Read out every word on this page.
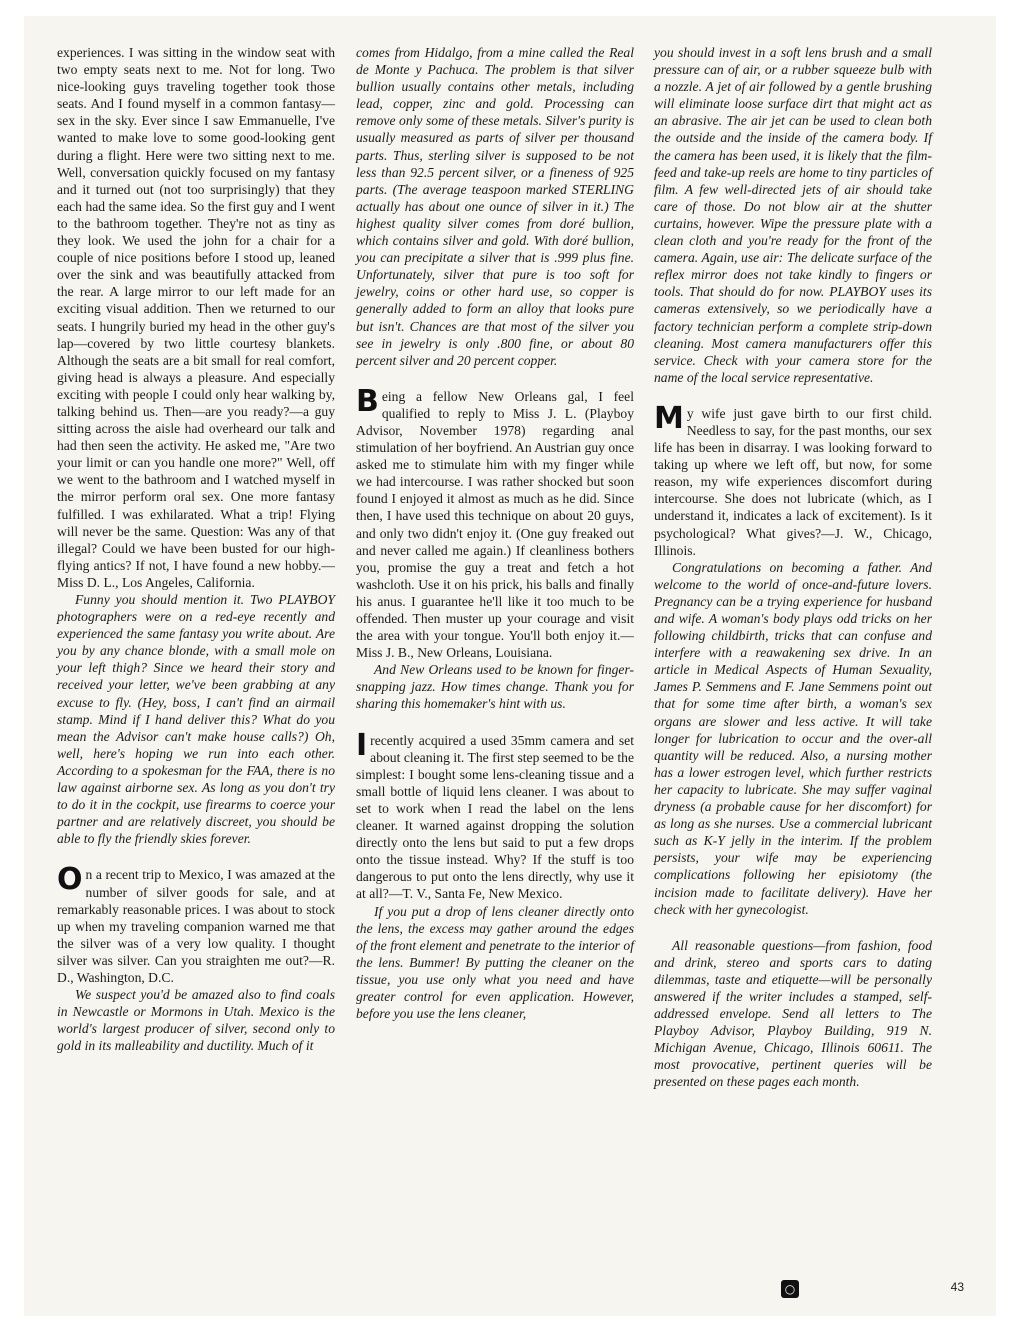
experiences. I was sitting in the window seat with two empty seats next to me. Not for long. Two nice-looking guys traveling together took those seats. And I found myself in a common fantasy—sex in the sky. Ever since I saw Emmanuelle, I've wanted to make love to some good-looking gent during a flight. Here were two sitting next to me. Well, conversation quickly focused on my fantasy and it turned out (not too surprisingly) that they each had the same idea. So the first guy and I went to the bathroom together. They're not as tiny as they look. We used the john for a chair for a couple of nice positions before I stood up, leaned over the sink and was beautifully attacked from the rear. A large mirror to our left made for an exciting visual addition. Then we returned to our seats. I hungrily buried my head in the other guy's lap—covered by two little courtesy blankets. Although the seats are a bit small for real comfort, giving head is always a pleasure. And especially exciting with people I could only hear walking by, talking behind us. Then—are you ready?—a guy sitting across the aisle had overheard our talk and had then seen the activity. He asked me, "Are two your limit or can you handle one more?" Well, off we went to the bathroom and I watched myself in the mirror perform oral sex. One more fantasy fulfilled. I was exhilarated. What a trip! Flying will never be the same. Question: Was any of that illegal? Could we have been busted for our high-flying antics? If not, I have found a new hobby.—Miss D. L., Los Angeles, California.

Funny you should mention it. Two PLAYBOY photographers were on a red-eye recently and experienced the same fantasy you write about. Are you by any chance blonde, with a small mole on your left thigh? Since we heard their story and received your letter, we've been grabbing at any excuse to fly. (Hey, boss, I can't find an airmail stamp. Mind if I hand deliver this? What do you mean the Advisor can't make house calls?) Oh, well, here's hoping we run into each other. According to a spokesman for the FAA, there is no law against airborne sex. As long as you don't try to do it in the cockpit, use firearms to coerce your partner and are relatively discreet, you should be able to fly the friendly skies forever.

On a recent trip to Mexico, I was amazed at the number of silver goods for sale, and at remarkably reasonable prices. I was about to stock up when my traveling companion warned me that the silver was of a very low quality. I thought silver was silver. Can you straighten me out?—R. D., Washington, D.C.

We suspect you'd be amazed also to find coals in Newcastle or Mormons in Utah. Mexico is the world's largest producer of silver, second only to gold in its malleability and ductility. Much of it

comes from Hidalgo, from a mine called the Real de Monte y Pachuca. The problem is that silver bullion usually contains other metals, including lead, copper, zinc and gold. Processing can remove only some of these metals. Silver's purity is usually measured as parts of silver per thousand parts. Thus, sterling silver is supposed to be not less than 92.5 percent silver, or a fineness of 925 parts. (The average teaspoon marked STERLING actually has about one ounce of silver in it.) The highest quality silver comes from doré bullion, which contains silver and gold. With doré bullion, you can precipitate a silver that is .999 plus fine. Unfortunately, silver that pure is too soft for jewelry, coins or other hard use, so copper is generally added to form an alloy that looks pure but isn't. Chances are that most of the silver you see in jewelry is only .800 fine, or about 80 percent silver and 20 percent copper.

Being a fellow New Orleans gal, I feel qualified to reply to Miss J. L. (Playboy Advisor, November 1978) regarding anal stimulation of her boyfriend. An Austrian guy once asked me to stimulate him with my finger while we had intercourse. I was rather shocked but soon found I enjoyed it almost as much as he did. Since then, I have used this technique on about 20 guys, and only two didn't enjoy it. (One guy freaked out and never called me again.) If cleanliness bothers you, promise the guy a treat and fetch a hot washcloth. Use it on his prick, his balls and finally his anus. I guarantee he'll like it too much to be offended. Then muster up your courage and visit the area with your tongue. You'll both enjoy it.—Miss J. B., New Orleans, Louisiana.

And New Orleans used to be known for finger-snapping jazz. How times change. Thank you for sharing this homemaker's hint with us.

I recently acquired a used 35mm camera and set about cleaning it. The first step seemed to be the simplest: I bought some lens-cleaning tissue and a small bottle of liquid lens cleaner. I was about to set to work when I read the label on the lens cleaner. It warned against dropping the solution directly onto the lens but said to put a few drops onto the tissue instead. Why? If the stuff is too dangerous to put onto the lens directly, why use it at all?—T. V., Santa Fe, New Mexico.

If you put a drop of lens cleaner directly onto the lens, the excess may gather around the edges of the front element and penetrate to the interior of the lens. Bummer! By putting the cleaner on the tissue, you use only what you need and have greater control for even application. However, before you use the lens cleaner,

you should invest in a soft lens brush and a small pressure can of air, or a rubber squeeze bulb with a nozzle. A jet of air followed by a gentle brushing will eliminate loose surface dirt that might act as an abrasive. The air jet can be used to clean both the outside and the inside of the camera body. If the camera has been used, it is likely that the film-feed and take-up reels are home to tiny particles of film. A few well-directed jets of air should take care of those. Do not blow air at the shutter curtains, however. Wipe the pressure plate with a clean cloth and you're ready for the front of the camera. Again, use air: The delicate surface of the reflex mirror does not take kindly to fingers or tools. That should do for now. PLAYBOY uses its cameras extensively, so we periodically have a factory technician perform a complete strip-down cleaning. Most camera manufacturers offer this service. Check with your camera store for the name of the local service representative.

My wife just gave birth to our first child. Needless to say, for the past months, our sex life has been in disarray. I was looking forward to taking up where we left off, but now, for some reason, my wife experiences discomfort during intercourse. She does not lubricate (which, as I understand it, indicates a lack of excitement). Is it psychological? What gives?—J. W., Chicago, Illinois.

Congratulations on becoming a father. And welcome to the world of once-and-future lovers. Pregnancy can be a trying experience for husband and wife. A woman's body plays odd tricks on her following childbirth, tricks that can confuse and interfere with a reawakening sex drive. In an article in Medical Aspects of Human Sexuality, James P. Semmens and F. Jane Semmens point out that for some time after birth, a woman's sex organs are slower and less active. It will take longer for lubrication to occur and the over-all quantity will be reduced. Also, a nursing mother has a lower estrogen level, which further restricts her capacity to lubricate. She may suffer vaginal dryness (a probable cause for her discomfort) for as long as she nurses. Use a commercial lubricant such as K-Y jelly in the interim. If the problem persists, your wife may be experiencing complications following her episiotomy (the incision made to facilitate delivery). Have her check with her gynecologist.

All reasonable questions—from fashion, food and drink, stereo and sports cars to dating dilemmas, taste and etiquette—will be personally answered if the writer includes a stamped, self-addressed envelope. Send all letters to The Playboy Advisor, Playboy Building, 919 N. Michigan Avenue, Chicago, Illinois 60611. The most provocative, pertinent queries will be presented on these pages each month.

○	43
